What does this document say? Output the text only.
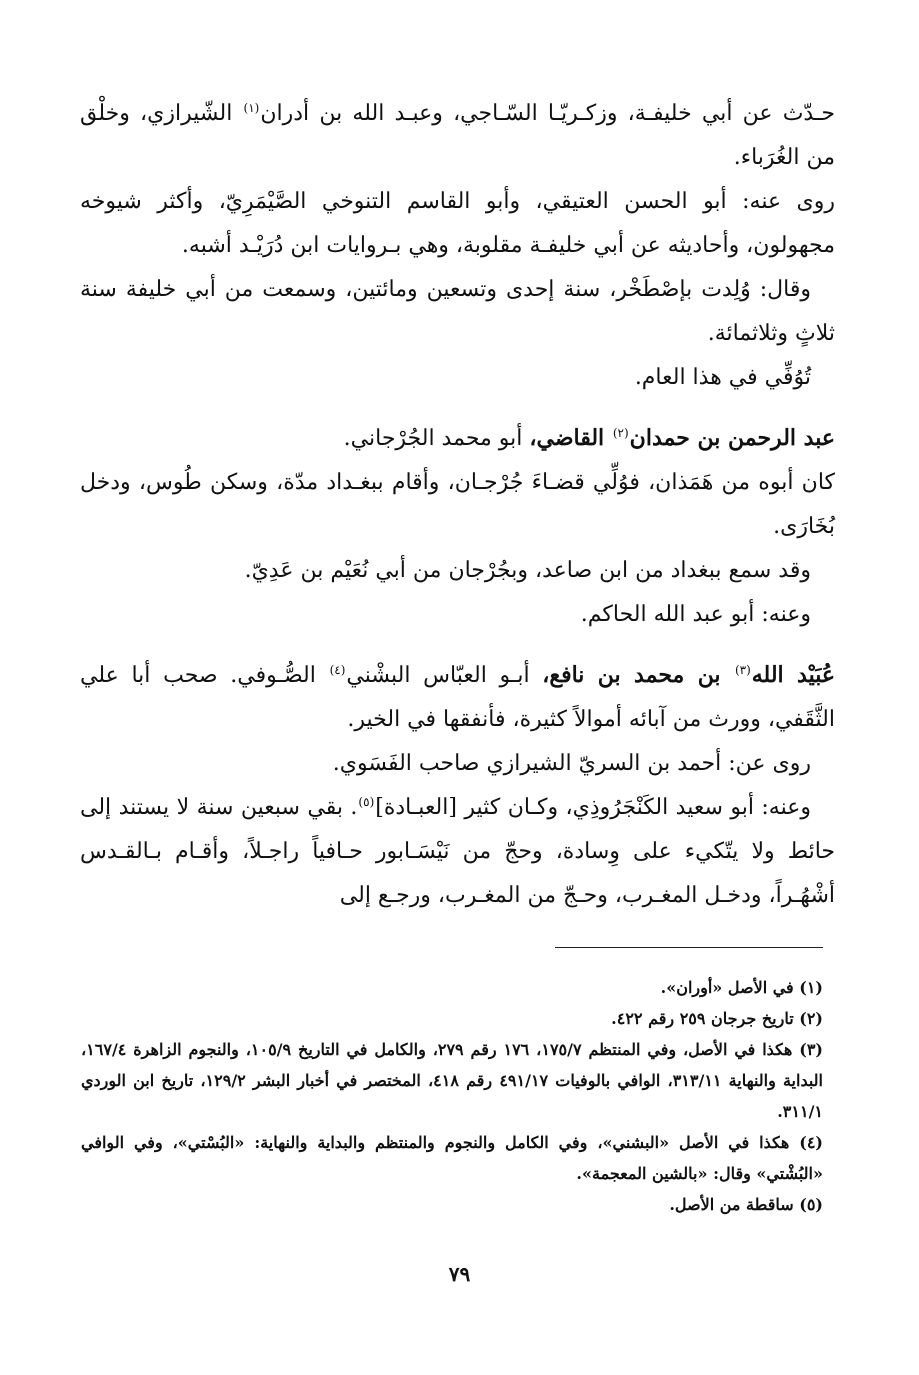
حـدّث عن أبي خليفـة، وزكـريّـا السّـاجي، وعبـد الله بن أدران$^{(١)}$ الشّيرازي، وخلْق من الغُرَباء.

روى عنه: أبو الحسن العتيقي، وأبو القاسم التنوخي الصَّيْمَرِيّ، وأكثر شيوخه مجهولون، وأحاديثه عن أبي خليفـة مقلوبة، وهي بـروايات ابن دُرَيْـد أشبه.

وقال: وُلِدت بإصْطَخْر، سنة إحدى وتسعين ومائتين، وسمعت من أبي خليفة سنة ثلاثٍ وثلاثمائة.

تُوُفِّي في هذا العام.

عبد الرحمن بن حمدان$^{(٢)}$ القاضي، أبو محمد الجُرْجاني.

كان أبوه من هَمَذان، فوُلِّي قضـاءَ جُرْجـان، وأقام ببغـداد مدّة، وسكن طُوس، ودخل بُخَارَى.

وقد سمع ببغداد من ابن صاعد، وبجُرْجان من أبي نُعَيْم بن عَدِيّ.

وعنه: أبو عبد الله الحاكم.

عُبَيْد الله$^{(٣)}$ بن محمد بن نافع، أبـو العبّاس البشْني$^{(٤)}$ الصُّـوفي. صحب أبا علي الثَّقَفي، وورث من آبائه أموالاً كثيرة، فأنفقها في الخير.

روى عن: أحمد بن السريّ الشيرازي صاحب الفَسَوي.

وعنه: أبو سعيد الكَنْجَرُوذِي، وكـان كثير [العبـادة]$^{(٥)}$. بقي سبعين سنة لا يستند إلى حائط ولا يتّكيء على وِسادة، وحجّ من نَيْسَـابور حـافياً راجـلاً، وأقـام بـالقـدس أشْهُـراً، ودخـل المغـرب، وحـجّ من المغـرب، ورجـع إلى

(١) في الأصل «أوران».

(٢) تاريخ جرجان ٢٥٩ رقم ٤٢٢.

(٣) هكذا في الأصل، وفي المنتظم ١٧٥/٧، ١٧٦ رقم ٢٧٩، والكامل في التاريخ ١٠٥/٩، والنجوم الزاهرة ١٦٧/٤، البداية والنهاية ٣١٣/١١، الوافي بالوفيات ٤٩١/١٧ رقم ٤١٨، المختصر في أخبار البشر ١٢٩/٢، تاريخ ابن الوردي ٣١١/١.

(٤) هكذا في الأصل «البشني»، وفي الكامل والنجوم والمنتظم والبداية والنهاية: «البُسْتي»، وفي الوافي «البُشْتي» وقال: «بالشين المعجمة».

(٥) ساقطة من الأصل.

٧٩
